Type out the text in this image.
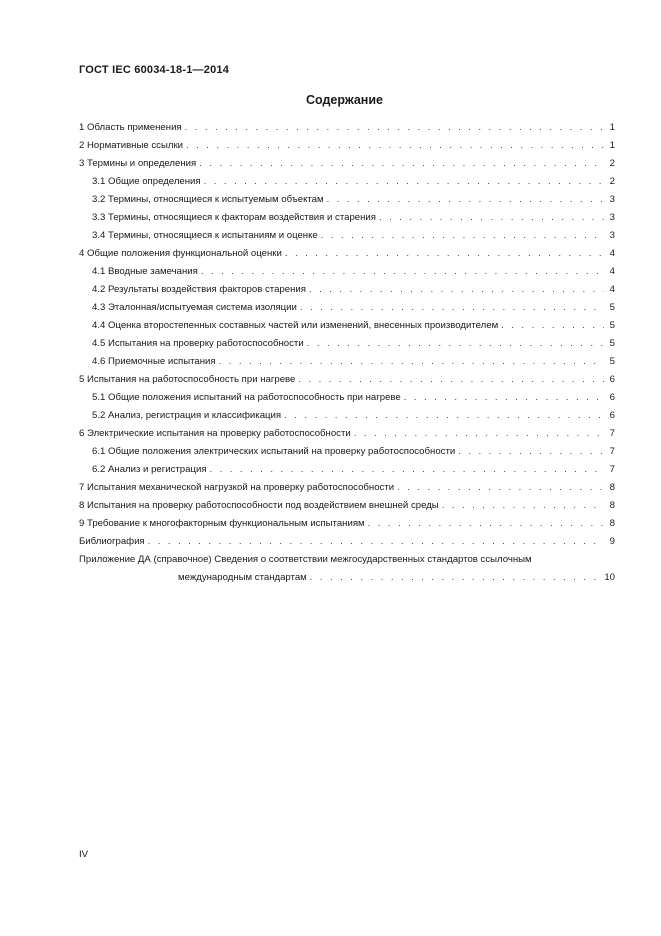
ГОСТ IEC 60034-18-1—2014
Содержание
1 Область применения . . .	1
2 Нормативные ссылки . . .	1
3 Термины и определения . . .	2
3.1 Общие определения . . .	2
3.2 Термины, относящиеся к испытуемым объектам . . .	3
3.3 Термины, относящиеся к факторам воздействия и старения . . .	3
3.4 Термины, относящиеся к испытаниям и оценке . . .	3
4 Общие положения функциональной оценки . . .	4
4.1 Вводные замечания . . .	4
4.2 Результаты воздействия факторов старения . . .	4
4.3 Эталонная/испытуемая система изоляции . . .	5
4.4 Оценка второстепенных составных частей или изменений, внесенных производителем . . .	5
4.5 Испытания на проверку работоспособности . . .	5
4.6 Приемочные испытания . . .	5
5 Испытания на работоспособность при нагреве . . .	6
5.1 Общие положения испытаний на работоспособность при нагреве . . .	6
5.2 Анализ, регистрация и классификация . . .	6
6 Электрические испытания на проверку работоспособности . . .	7
6.1 Общие положения электрических испытаний на проверку работоспособности . . .	7
6.2 Анализ и регистрация . . .	7
7 Испытания механической нагрузкой на проверку работоспособности . . .	8
8 Испытания на проверку работоспособности под воздействием внешней среды . . .	8
9 Требование к многофакторным функциональным испытаниям . . .	8
Библиография . . .	9
Приложение ДА (справочное) Сведения о соответствии межгосударственных стандартов ссылочным
международным стандартам . . .	10
IV
